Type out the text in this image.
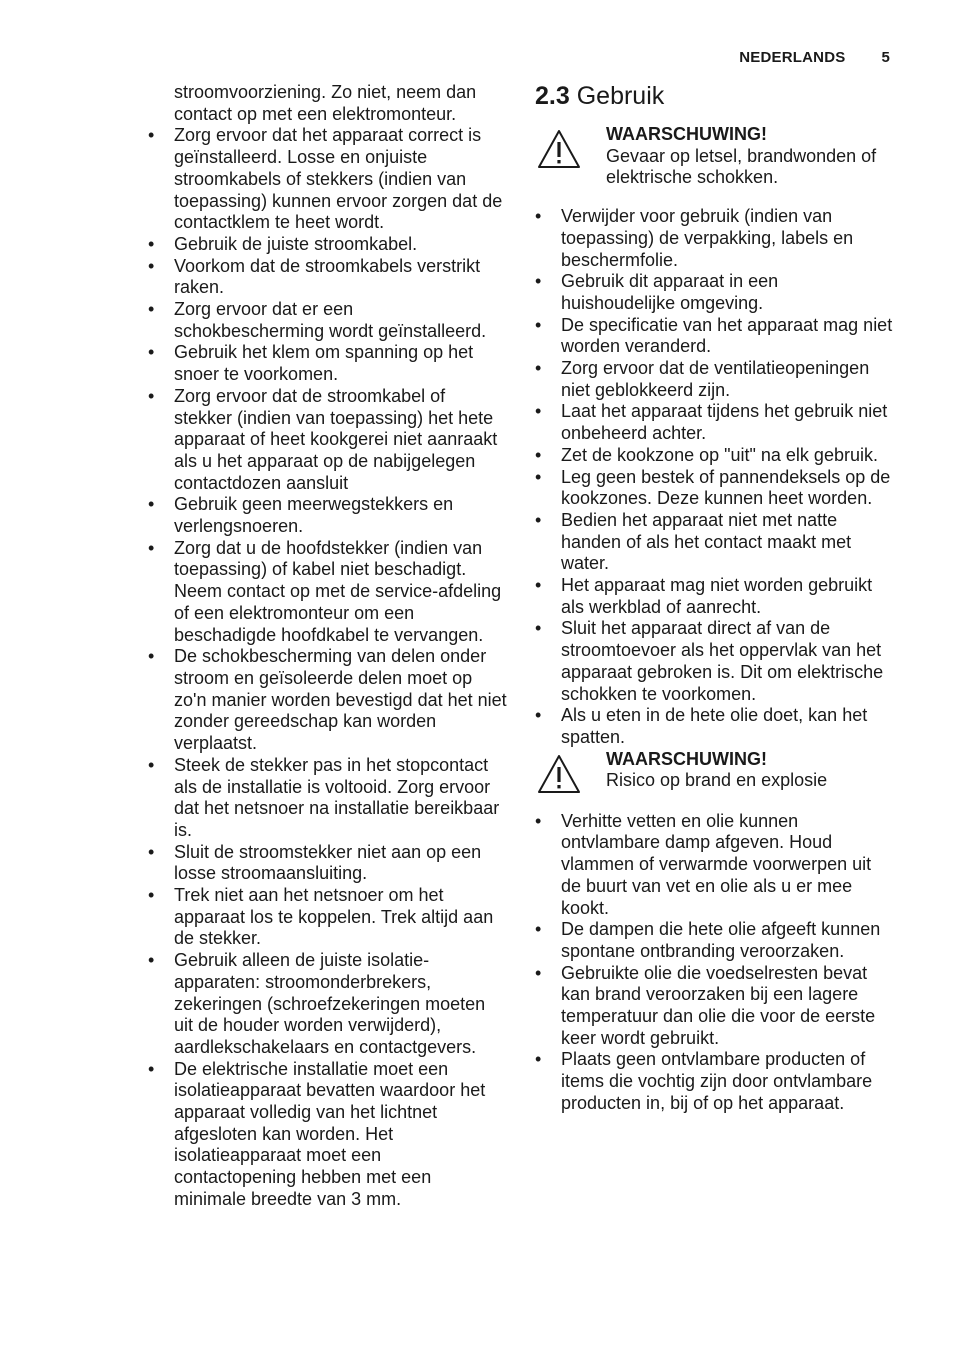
NEDERLANDS 5

stroomvoorziening. Zo niet, neem dan contact op met een elektromonteur.

• Zorg ervoor dat het apparaat correct is geïnstalleerd. Losse en onjuiste stroomkabels of stekkers (indien van toepassing) kunnen ervoor zorgen dat de contactklem te heet wordt.
• Gebruik de juiste stroomkabel.
• Voorkom dat de stroomkabels verstrikt raken.
• Zorg ervoor dat er een schokbescherming wordt geïnstalleerd.
• Gebruik het klem om spanning op het snoer te voorkomen.
• Zorg ervoor dat de stroomkabel of stekker (indien van toepassing) het hete apparaat of heet kookgerei niet aanraakt als u het apparaat op de nabijgelegen contactdozen aansluit
• Gebruik geen meerwegstekkers en verlengsnoeren.
• Zorg dat u de hoofdstekker (indien van toepassing) of kabel niet beschadigt. Neem contact op met de service-afdeling of een elektromonteur om een beschadigde hoofdkabel te vervangen.
• De schokbescherming van delen onder stroom en geïsoleerde delen moet op zo'n manier worden bevestigd dat het niet zonder gereedschap kan worden verplaatst.
• Steek de stekker pas in het stopcontact als de installatie is voltooid. Zorg ervoor dat het netsnoer na installatie bereikbaar is.
• Sluit de stroomstekker niet aan op een losse stroomaansluiting.
• Trek niet aan het netsnoer om het apparaat los te koppelen. Trek altijd aan de stekker.
• Gebruik alleen de juiste isolatie-apparaten: stroomonderbrekers, zekeringen (schroefzekeringen moeten uit de houder worden verwijderd), aardlekschakelaars en contactgevers.
• De elektrische installatie moet een isolatieapparaat bevatten waardoor het apparaat volledig van het lichtnet afgesloten kan worden. Het isolatieapparaat moet een contactopening hebben met een minimale breedte van 3 mm.
2.3 Gebruik
WAARSCHUWING!
Gevaar op letsel, brandwonden of elektrische schokken.
• Verwijder voor gebruik (indien van toepassing) de verpakking, labels en beschermfolie.
• Gebruik dit apparaat in een huishoudelijke omgeving.
• De specificatie van het apparaat mag niet worden veranderd.
• Zorg ervoor dat de ventilatieopeningen niet geblokkeerd zijn.
• Laat het apparaat tijdens het gebruik niet onbeheerd achter.
• Zet de kookzone op "uit" na elk gebruik.
• Leg geen bestek of pannendeksels op de kookzones. Deze kunnen heet worden.
• Bedien het apparaat niet met natte handen of als het contact maakt met water.
• Het apparaat mag niet worden gebruikt als werkblad of aanrecht.
• Sluit het apparaat direct af van de stroomtoevoer als het oppervlak van het apparaat gebroken is. Dit om elektrische schokken te voorkomen.
• Als u eten in de hete olie doet, kan het spatten.
WAARSCHUWING!
Risico op brand en explosie
• Verhitte vetten en olie kunnen ontvlambare damp afgeven. Houd vlammen of verwarmde voorwerpen uit de buurt van vet en olie als u er mee kookt.
• De dampen die hete olie afgeeft kunnen spontane ontbranding veroorzaken.
• Gebruikte olie die voedselresten bevat kan brand veroorzaken bij een lagere temperatuur dan olie die voor de eerste keer wordt gebruikt.
• Plaats geen ontvlambare producten of items die vochtig zijn door ontvlambare producten in, bij of op het apparaat.
